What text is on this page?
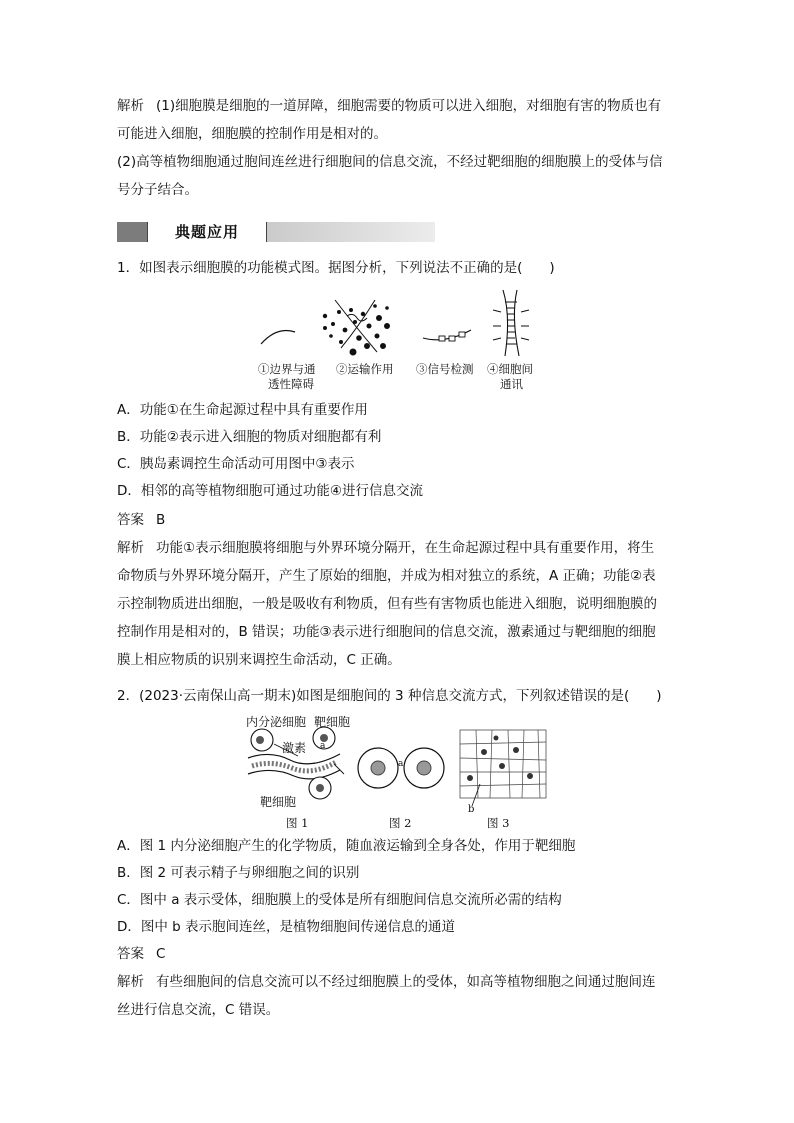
解析 (1)细胞膜是细胞的一道屏障，细胞需要的物质可以进入细胞，对细胞有害的物质也有
可能进入细胞，细胞膜的控制作用是相对的。
(2)高等植物细胞通过胞间连丝进行细胞间的信息交流，不经过靶细胞的细胞膜上的受体与信
号分子结合。
典题应用
1．如图表示细胞膜的功能模式图。据图分析，下列说法不正确的是(　　)
①边界与通
透性障碍
②运输作用 ③信号检测 ④细胞间
通讯
A．功能①在生命起源过程中具有重要作用
B．功能②表示进入细胞的物质对细胞都有利
C．胰岛素调控生命活动可用图中③表示
D．相邻的高等植物细胞可通过功能④进行信息交流
答案 B
解析 功能①表示细胞膜将细胞与外界环境分隔开，在生命起源过程中具有重要作用，将生
命物质与外界环境分隔开，产生了原始的细胞，并成为相对独立的系统，A 正确；功能②表
示控制物质进出细胞，一般是吸收有利物质，但有些有害物质也能进入细胞，说明细胞膜的
控制作用是相对的，B 错误；功能③表示进行细胞间的信息交流，激素通过与靶细胞的细胞
膜上相应物质的识别来调控生命活动，C 正确。
2．(2023·云南保山高一期末)如图是细胞间的 3 种信息交流方式，下列叙述错误的是(　　)
内分泌细胞 靶细胞
激素 a
靶细胞
a
b
图 1	图 2	图 3
A．图 1 内分泌细胞产生的化学物质，随血液运输到全身各处，作用于靶细胞
B．图 2 可表示精子与卵细胞之间的识别
C．图中 a 表示受体，细胞膜上的受体是所有细胞间信息交流所必需的结构
D．图中 b 表示胞间连丝，是植物细胞间传递信息的通道
答案 C
解析 有些细胞间的信息交流可以不经过细胞膜上的受体，如高等植物细胞之间通过胞间连
丝进行信息交流，C 错误。
